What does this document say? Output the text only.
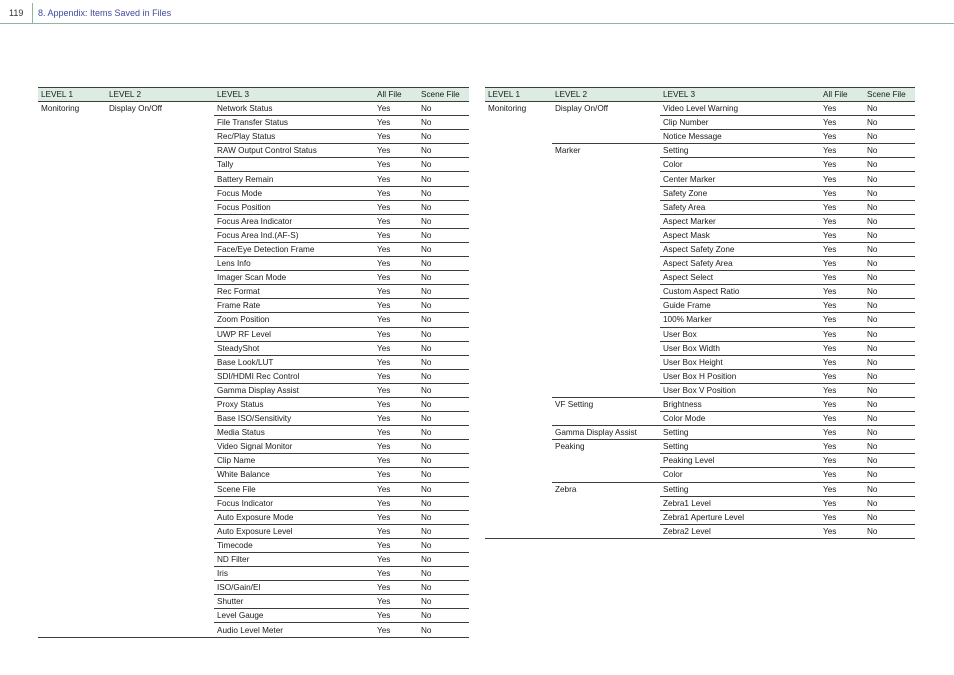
119 8. Appendix: Items Saved in Files
LEVEL 1	LEVEL 2	LEVEL 3	All File	Scene File
Monitoring	Display On/Off	Network Status	Yes	No
		File Transfer Status	Yes	No
		Rec/Play Status	Yes	No
		RAW Output Control Status	Yes	No
		Tally	Yes	No
		Battery Remain	Yes	No
		Focus Mode	Yes	No
		Focus Position	Yes	No
		Focus Area Indicator	Yes	No
		Focus Area Ind.(AF-S)	Yes	No
		Face/Eye Detection Frame	Yes	No
		Lens Info	Yes	No
		Imager Scan Mode	Yes	No
		Rec Format	Yes	No
		Frame Rate	Yes	No
		Zoom Position	Yes	No
		UWP RF Level	Yes	No
		SteadyShot	Yes	No
		Base Look/LUT	Yes	No
		SDI/HDMI Rec Control	Yes	No
		Gamma Display Assist	Yes	No
		Proxy Status	Yes	No
		Base ISO/Sensitivity	Yes	No
		Media Status	Yes	No
		Video Signal Monitor	Yes	No
		Clip Name	Yes	No
		White Balance	Yes	No
		Scene File	Yes	No
		Focus Indicator	Yes	No
		Auto Exposure Mode	Yes	No
		Auto Exposure Level	Yes	No
		Timecode	Yes	No
		ND Filter	Yes	No
		Iris	Yes	No
		ISO/Gain/EI	Yes	No
		Shutter	Yes	No
		Level Gauge	Yes	No
		Audio Level Meter	Yes	No
LEVEL 1	LEVEL 2	LEVEL 3	All File	Scene File
Monitoring	Display On/Off	Video Level Warning	Yes	No
		Clip Number	Yes	No
		Notice Message	Yes	No
	Marker	Setting	Yes	No
		Color	Yes	No
		Center Marker	Yes	No
		Safety Zone	Yes	No
		Safety Area	Yes	No
		Aspect Marker	Yes	No
		Aspect Mask	Yes	No
		Aspect Safety Zone	Yes	No
		Aspect Safety Area	Yes	No
		Aspect Select	Yes	No
		Custom Aspect Ratio	Yes	No
		Guide Frame	Yes	No
		100% Marker	Yes	No
		User Box	Yes	No
		User Box Width	Yes	No
		User Box Height	Yes	No
		User Box H Position	Yes	No
		User Box V Position	Yes	No
	VF Setting	Brightness	Yes	No
		Color Mode	Yes	No
	Gamma Display Assist	Setting	Yes	No
	Peaking	Setting	Yes	No
		Peaking Level	Yes	No
		Color	Yes	No
	Zebra	Setting	Yes	No
		Zebra1 Level	Yes	No
		Zebra1 Aperture Level	Yes	No
		Zebra2 Level	Yes	No
